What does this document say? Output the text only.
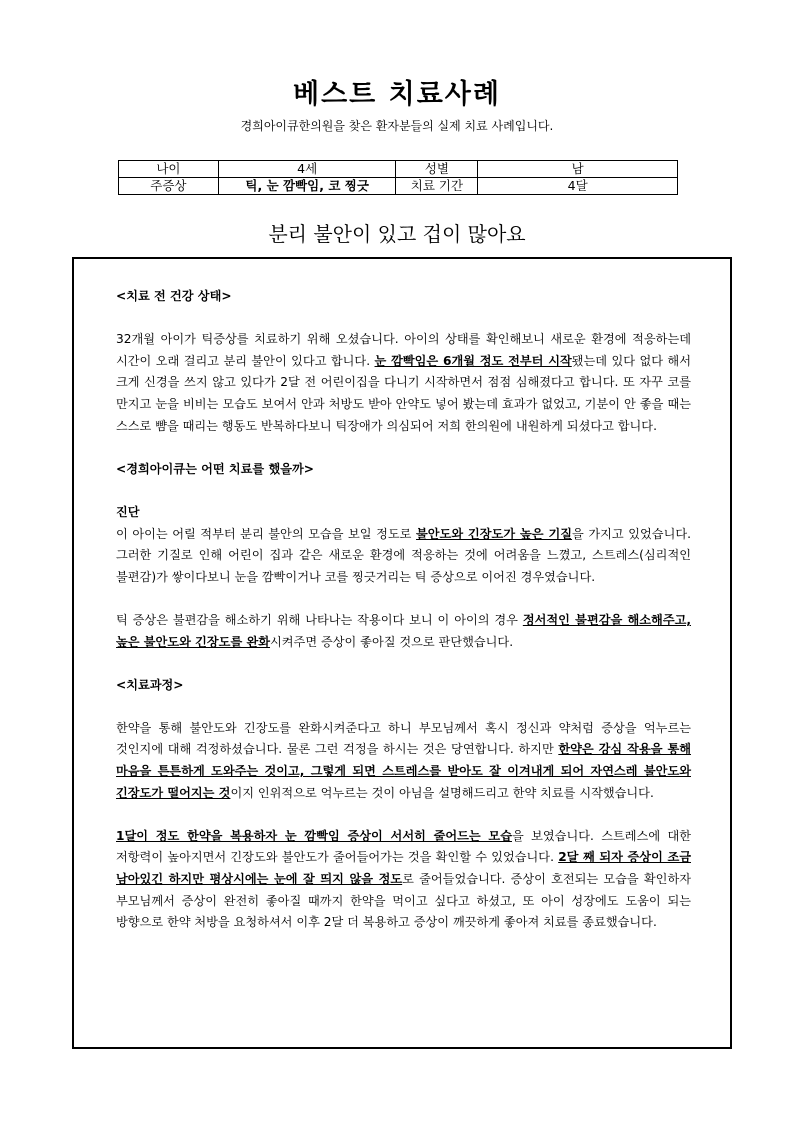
베스트 치료사례
경희아이큐한의원을 찾은 환자분들의 실제 치료 사례입니다.
나이	4세	성별	남
주증상	틱, 눈 깜빡임, 코 찡긋	치료 기간	4달
분리 불안이 있고 겁이 많아요
<치료 전 건강 상태>

32개월 아이가 틱증상를 치료하기 위해 오셨습니다. 아이의 상태를 확인해보니 새로운 환경에 적응하는데 시간이 오래 걸리고 분리 불안이 있다고 합니다. 눈 깜빡임은 6개월 정도 전부터 시작됐는데 있다 없다 해서 크게 신경을 쓰지 않고 있다가 2달 전 어린이집을 다니기 시작하면서 점점 심해졌다고 합니다. 또 자꾸 코를 만지고 눈을 비비는 모습도 보여서 안과 처방도 받아 안약도 넣어 봤는데 효과가 없었고, 기분이 안 좋을 때는 스스로 뺨을 때리는 행동도 반복하다보니 틱장애가 의심되어 저희 한의원에 내원하게 되셨다고 합니다.

<경희아이큐는 어떤 치료를 했을까>
진단

이 아이는 어릴 적부터 분리 불안의 모습을 보일 정도로 불안도와 긴장도가 높은 기질을 가지고 있었습니다. 그러한 기질로 인해 어린이 집과 같은 새로운 환경에 적응하는 것에 어려움을 느꼈고, 스트레스(심리적인 불편감)가 쌓이다보니 눈을 깜빡이거나 코를 찡긋거리는 틱 증상으로 이어진 경우였습니다.

틱 증상은 불편감을 해소하기 위해 나타나는 작용이다 보니 이 아이의 경우 정서적인 불편감을 해소해주고, 높은 불안도와 긴장도를 완화시켜주면 증상이 좋아질 것으로 판단했습니다.

<치료과정>

한약을 통해 불안도와 긴장도를 완화시켜준다고 하니 부모님께서 혹시 정신과 약처럼 증상을 억누르는 것인지에 대해 걱정하셨습니다. 물론 그런 걱정을 하시는 것은 당연합니다. 하지만 한약은 강심 작용을 통해 마음을 튼튼하게 도와주는 것이고, 그렇게 되면 스트레스를 받아도 잘 이겨내게 되어 자연스레 불안도와 긴장도가 떨어지는 것이지 인위적으로 억누르는 것이 아님을 설명해드리고 한약 치료를 시작했습니다.

1달이 정도 한약을 복용하자 눈 깜빡임 증상이 서서히 줄어드는 모습을 보였습니다. 스트레스에 대한 저항력이 높아지면서 긴장도와 불안도가 줄어들어가는 것을 확인할 수 있었습니다. 2달 째 되자 증상이 조금 남아있긴 하지만 평상시에는 눈에 잘 띄지 않을 정도로 줄어들었습니다. 증상이 호전되는 모습을 확인하자 부모님께서 증상이 완전히 좋아질 때까지 한약을 먹이고 싶다고 하셨고, 또 아이 성장에도 도움이 되는 방향으로 한약 처방을 요청하셔서 이후 2달 더 복용하고 증상이 깨끗하게 좋아져 치료를 종료했습니다.
